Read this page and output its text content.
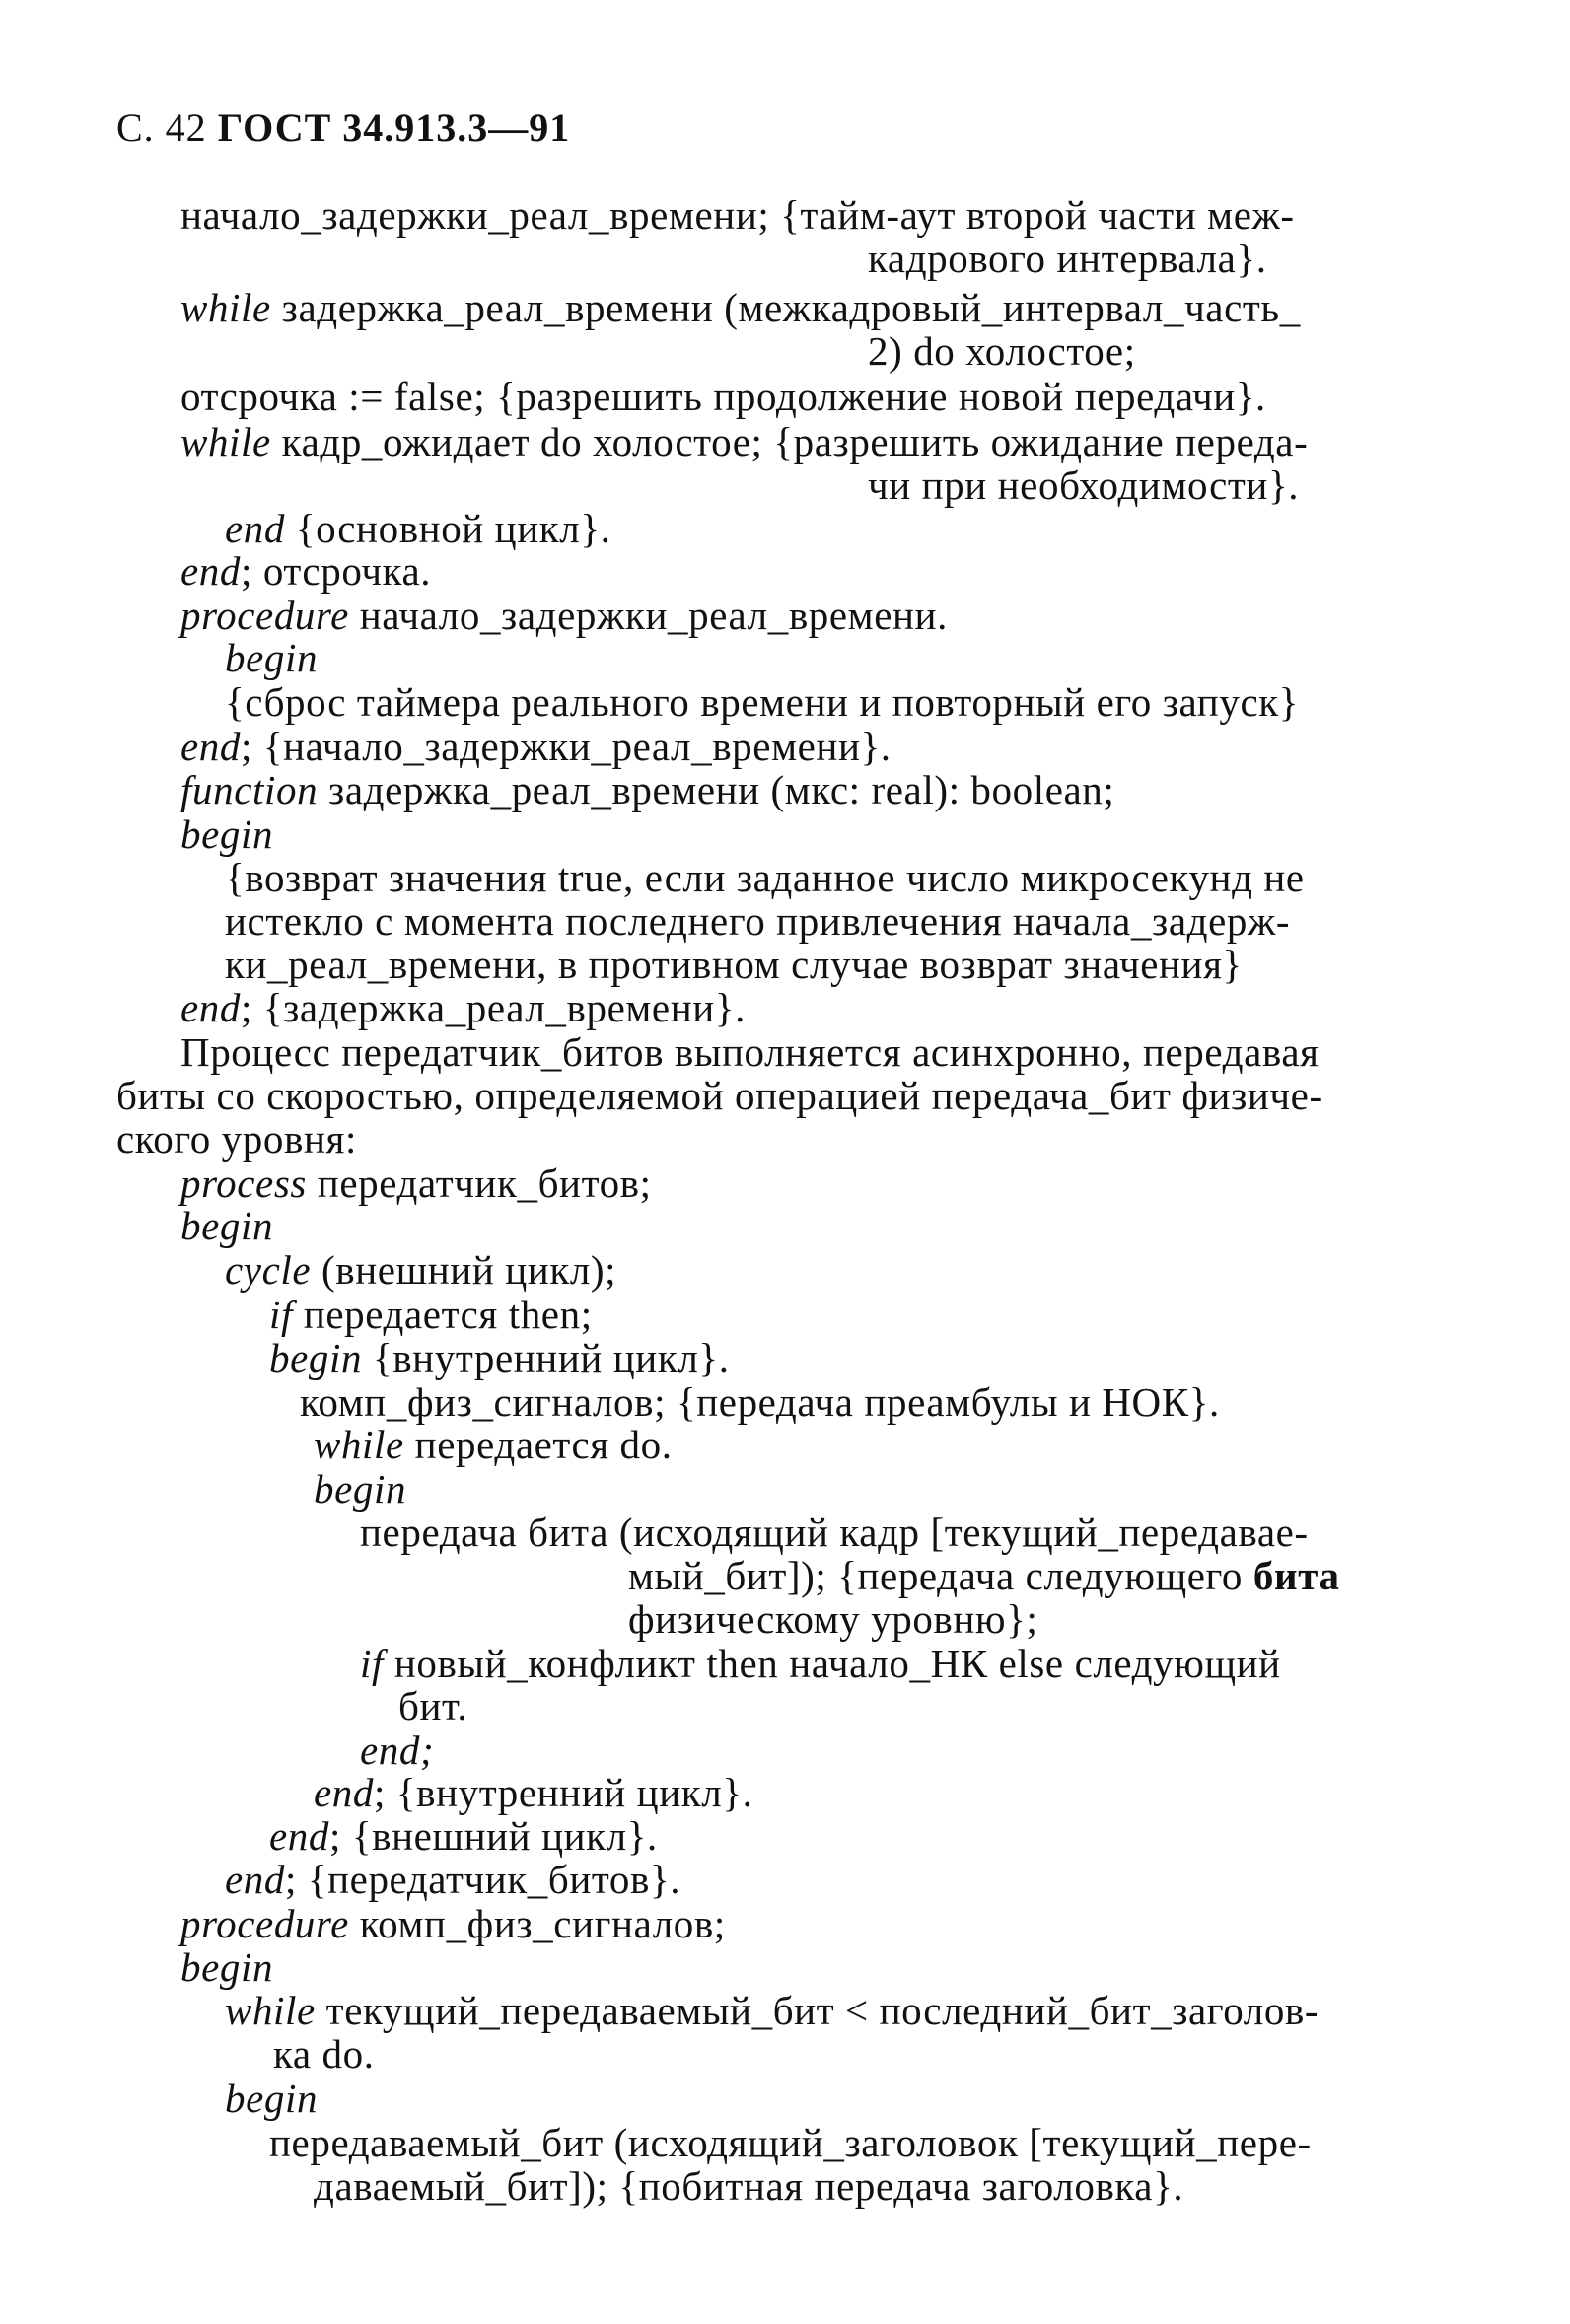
С. 42 ГОСТ 34.913.3—91
начало_задержки_реал_времени; {тайм-аут второй части меж-
кадрового интервала}.
while задержка_реал_времени (межкадровый_интервал_часть_
2) do холостое;
отсрочка := false; {разрешить продолжение новой передачи}.
while кадр_ожидает do холостое; {разрешить ожидание переда-
чи при необходимости}.
end {основной цикл}.
end; отсрочка.
procedure начало_задержки_реал_времени.
begin
{сброс таймера реального времени и повторный его запуск}
end; {начало_задержки_реал_времени}.
function задержка_реал_времени (мкс: real): boolean;
begin
{возврат значения true, если заданное число микросекунд не
истекло с момента последнего привлечения начала_задерж-
ки_реал_времени, в противном случае возврат значения}
end; {задержка_реал_времени}.
Процесс передатчик_битов выполняется асинхронно, передавая
биты со скоростью, определяемой операцией передача_бит физиче-
ского уровня:
process передатчик_битов;
begin
cycle (внешний цикл);
if передается then;
begin {внутренний цикл}.
комп_физ_сигналов; {передача преамбулы и НОК}.
while передается do.
begin
передача бита (исходящий кадр [текущий_передавае-
мый_бит]); {передача следующего бита
физическому уровню};
if новый_конфликт then начало_НК else следующий
бит.
end;
end; {внутренний цикл}.
end; {внешний цикл}.
end; {передатчик_битов}.
procedure комп_физ_сигналов;
begin
while текущий_передаваемый_бит < последний_бит_заголов-
ка do.
begin
передаваемый_бит (исходящий_заголовок [текущий_пере-
даваемый_бит]); {побитная передача заголовка}.
